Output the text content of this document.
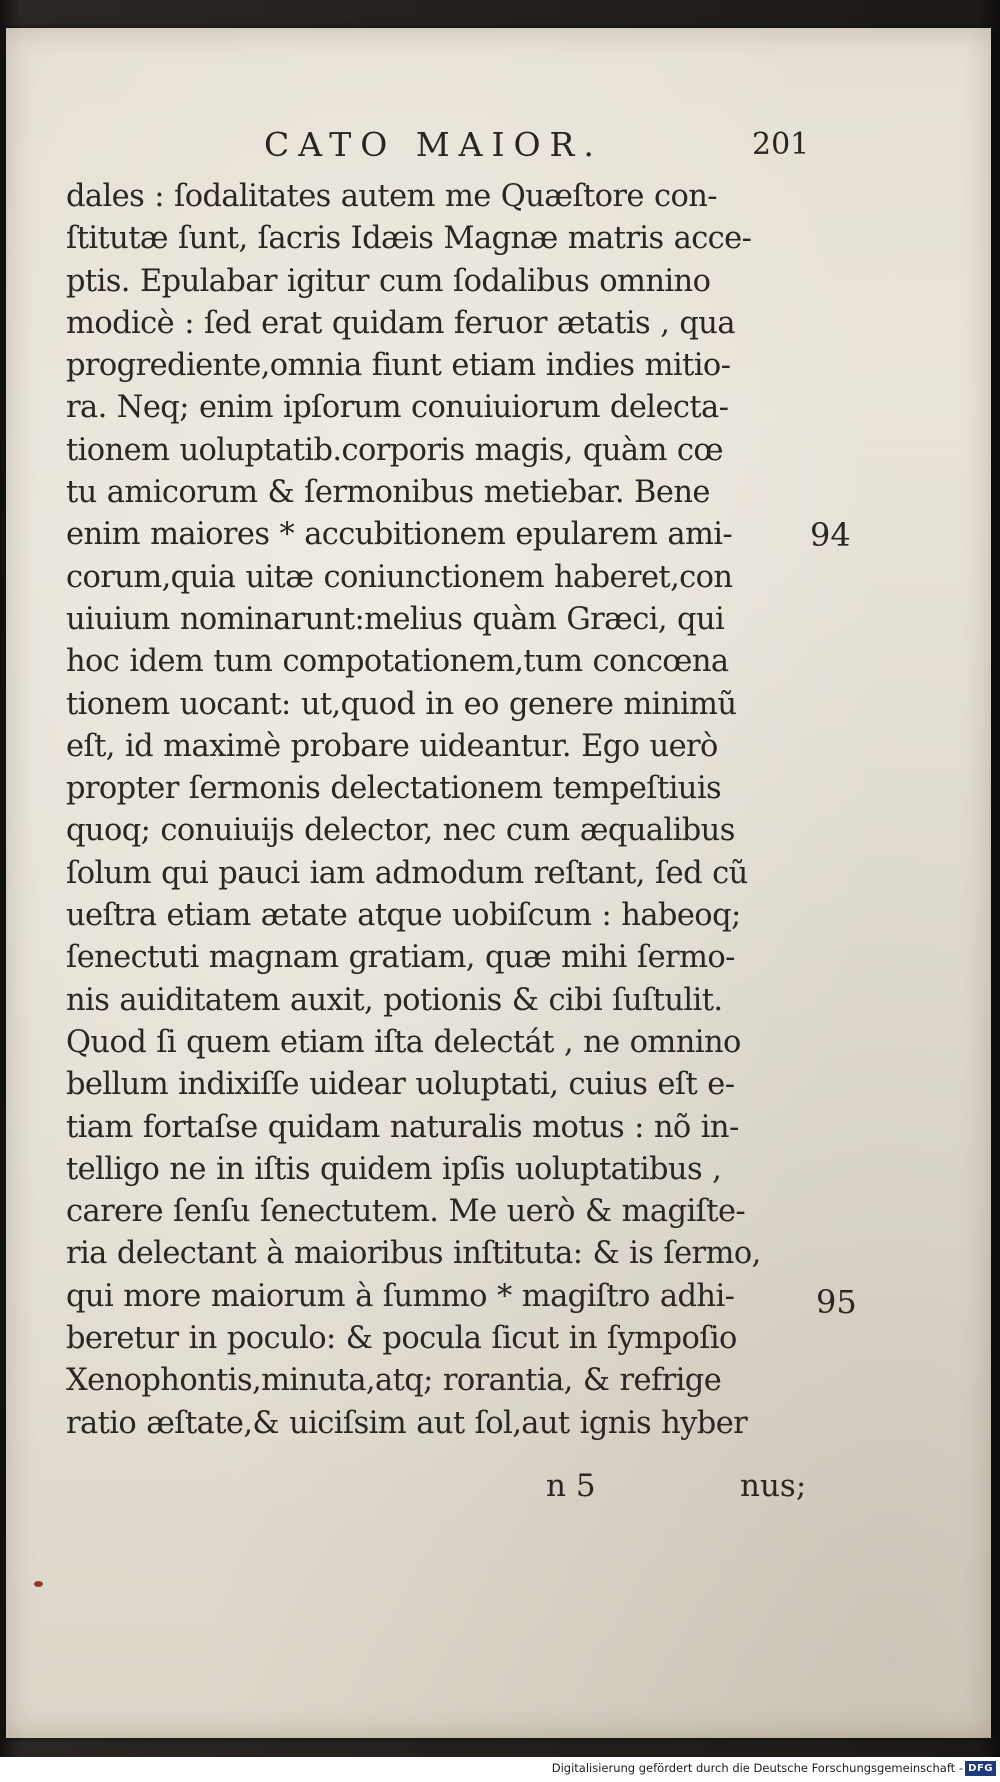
CATO MAIOR.	201
dales : ſodalitates autem me Quæſtore con-
ſtitutæ ſunt, ſacris Idæis Magnæ matris acce-
ptis. Epulabar igitur cum ſodalibus omnino
modicè : ſed erat quidam feruor ætatis , qua
progrediente,omnia fiunt etiam indies mitio-
ra. Neq; enim ipſorum conuiuiorum delecta-
tionem uoluptatib.corporis magis, quàm cœ
tu amicorum & ſermonibus metiebar. Bene
enim maiores * accubitionem epularem ami-
corum,quia uitæ coniunctionem haberet,con
uiuium nominarunt:melius quàm Græci, qui
hoc idem tum compotationem,tum concœna
tionem uocant: ut,quod in eo genere minimũ
eſt, id maximè probare uideantur. Ego uerò
propter ſermonis delectationem tempeſtiuis
quoq; conuiuijs delector, nec cum æqualibus
ſolum qui pauci iam admodum reſtant, ſed cũ
ueſtra etiam ætate atque uobiſcum : habeoq;
ſenectuti magnam gratiam, quæ mihi ſermo-
nis auiditatem auxit, potionis & cibi ſuſtulit.
Quod ſi quem etiam iſta delectát , ne omnino
bellum indixiſſe uidear uoluptati, cuius eſt e-
tiam fortaſse quidam naturalis motus : nõ in-
telligo ne in iſtis quidem ipſis uoluptatibus ,
carere ſenſu ſenectutem. Me uerò & magiſte-
ria delectant à maioribus inſtituta: & is ſermo,
qui more maiorum à ſummo * magiſtro adhi-
beretur in poculo: & pocula ſicut in ſympoſio
Xenophontis,minuta,atq; rorantia, & refrige
ratio æſtate,& uiciſsim aut ſol,aut ignis hyber
94
95
n 5	nus;
Digitalisierung gefördert durch die Deutsche Forschungsgemeinschaft - DFG
